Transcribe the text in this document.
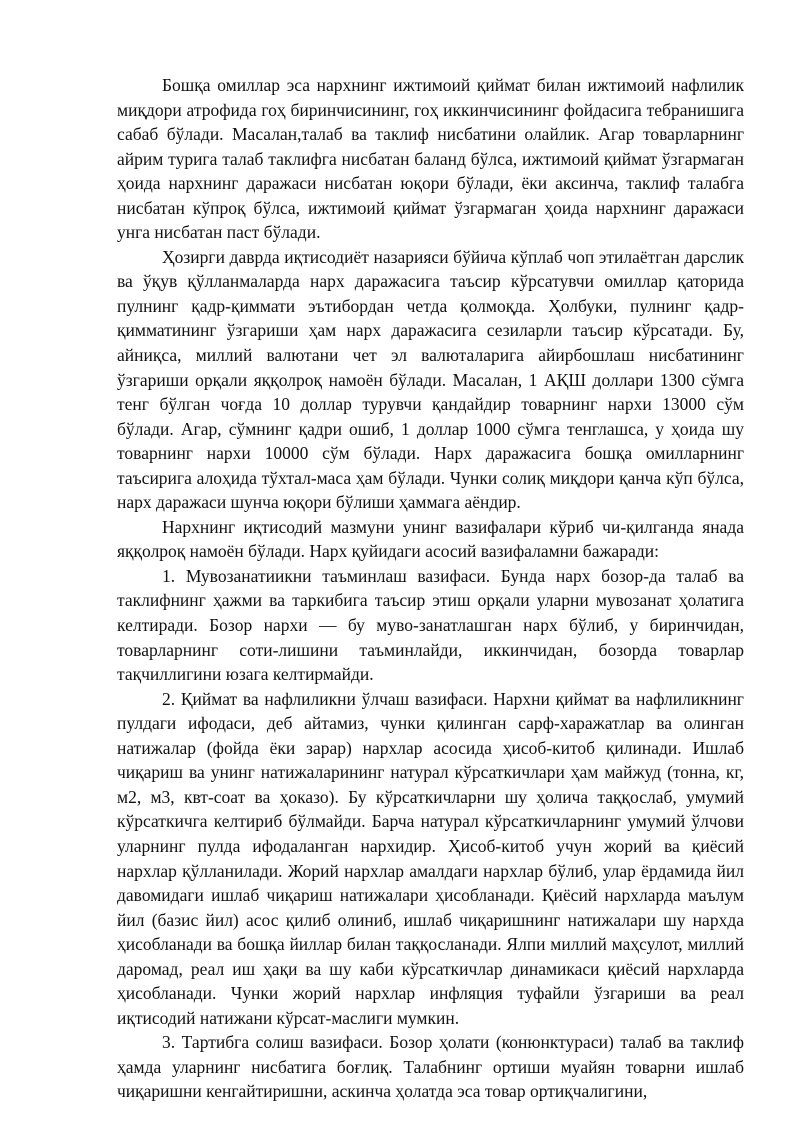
Бошқа омиллар эса нархнинг ижтимоий қиймат билан ижтимоий нафлилик миқдори атрофида гоҳ биринчисининг, гоҳ иккинчисининг фойдасига тебранишига сабаб бўлади. Масалан,талаб ва таклиф нисбатини олайлик. Агар товарларнинг айрим турига талаб таклифга нисбатан баланд бўлса, ижтимоий қиймат ўзгармаган ҳоида нархнинг даражаси нисбатан юқори бўлади, ёки аксинча, таклиф талабга нисбатан кўпроқ бўлса, ижтимоий қиймат ўзгармаган ҳоида нархнинг даражаси унга нисбатан паст бўлади.

Ҳозирги даврда иқтисодиёт назарияси бўйича кўплаб чоп этилаётган дарслик ва ўқув қўлланмаларда нарх даражасига таъсир кўрсатувчи омиллар қаторида пулнинг қадр-қиммати эътибордан четда қолмоқда. Ҳолбуки, пулнинг қадр-қимматининг ўзгариши ҳам нарх даражасига сезиларли таъсир кўрсатади. Бу, айниқса, миллий валютани чет эл валюталарига айирбошлаш нисбатининг ўзгариши орқали яққолроқ намоён бўлади. Масалан, 1 АҚШ доллари 1300 сўмга тенг бўлган чоғда 10 доллар турувчи қандайдир товарнинг нархи 13000 сўм бўлади. Агар, сўмнинг қадри ошиб, 1 доллар 1000 сўмга тенглашса, у ҳоида шу товарнинг нархи 10000 сўм бўлади. Нарх даражасига бошқа омилларнинг таъсирига алоҳида тўхтал-маса ҳам бўлади. Чунки солиқ миқдори қанча кўп бўлса, нарх даражаси шунча юқори бўлиши ҳаммага аёндир.

Нархнинг иқтисодий мазмуни унинг вазифалари кўриб чи-қилганда янада яққолроқ намоён бўлади. Нарх қуйидаги асосий вазифаламни бажаради:

1. Мувозанатиикни таъминлаш вазифаси. Бунда нарх бозор-да талаб ва таклифнинг ҳажми ва таркибига таъсир этиш орқали уларни мувозанат ҳолатига келтиради. Бозор нархи — бу муво-занатлашган нарх бўлиб, у биринчидан, товарларнинг соти-лишини таъминлайди, иккинчидан, бозорда товарлар тақчиллигини юзага келтирмайди.

2. Қиймат ва нафлиликни ўлчаш вазифаси. Нархни қиймат ва нафлиликнинг пулдаги ифодаси, деб айтамиз, чунки қилинган сарф-харажатлар ва олинган натижалар (фойда ёки зарар) нархлар асосида ҳисоб-китоб қилинади. Ишлаб чиқариш ва унинг натижаларининг натурал кўрсаткичлари ҳам майжуд (тонна, кг, м2, м3, квт-соат ва ҳоказо). Бу кўрсаткичларни шу ҳолича таққослаб, умумий кўрсаткичга келтириб бўлмайди. Барча натурал кўрсаткичларнинг умумий ўлчови уларнинг пулда ифодаланган нархидир. Ҳисоб-китоб учун жорий ва қиёсий нархлар қўлланилади. Жорий нархлар амалдаги нархлар бўлиб, улар ёрдамида йил давомидаги ишлаб чиқариш натижалари ҳисобланади. Қиёсий нархларда маълум йил (базис йил) асос қилиб олиниб, ишлаб чиқаришнинг натижалари шу нархда ҳисобланади ва бошқа йиллар билан таққосланади. Ялпи миллий маҳсулот, миллий даромад, реал иш ҳақи ва шу каби кўрсаткичлар динамикаси қиёсий нархларда ҳисобланади. Чунки жорий нархлар инфляция туфайли ўзгариши ва реал иқтисодий натижани кўрсат-маслиги мумкин.

3. Тартибга солиш вазифаси. Бозор ҳолати (конюнктураси) талаб ва таклиф ҳамда уларнинг нисбатига боғлиқ. Талабнинг ортиши муайян товарни ишлаб чиқаришни кенгайтиришни, аскинча ҳолатда эса товар ортиқчалигини,
